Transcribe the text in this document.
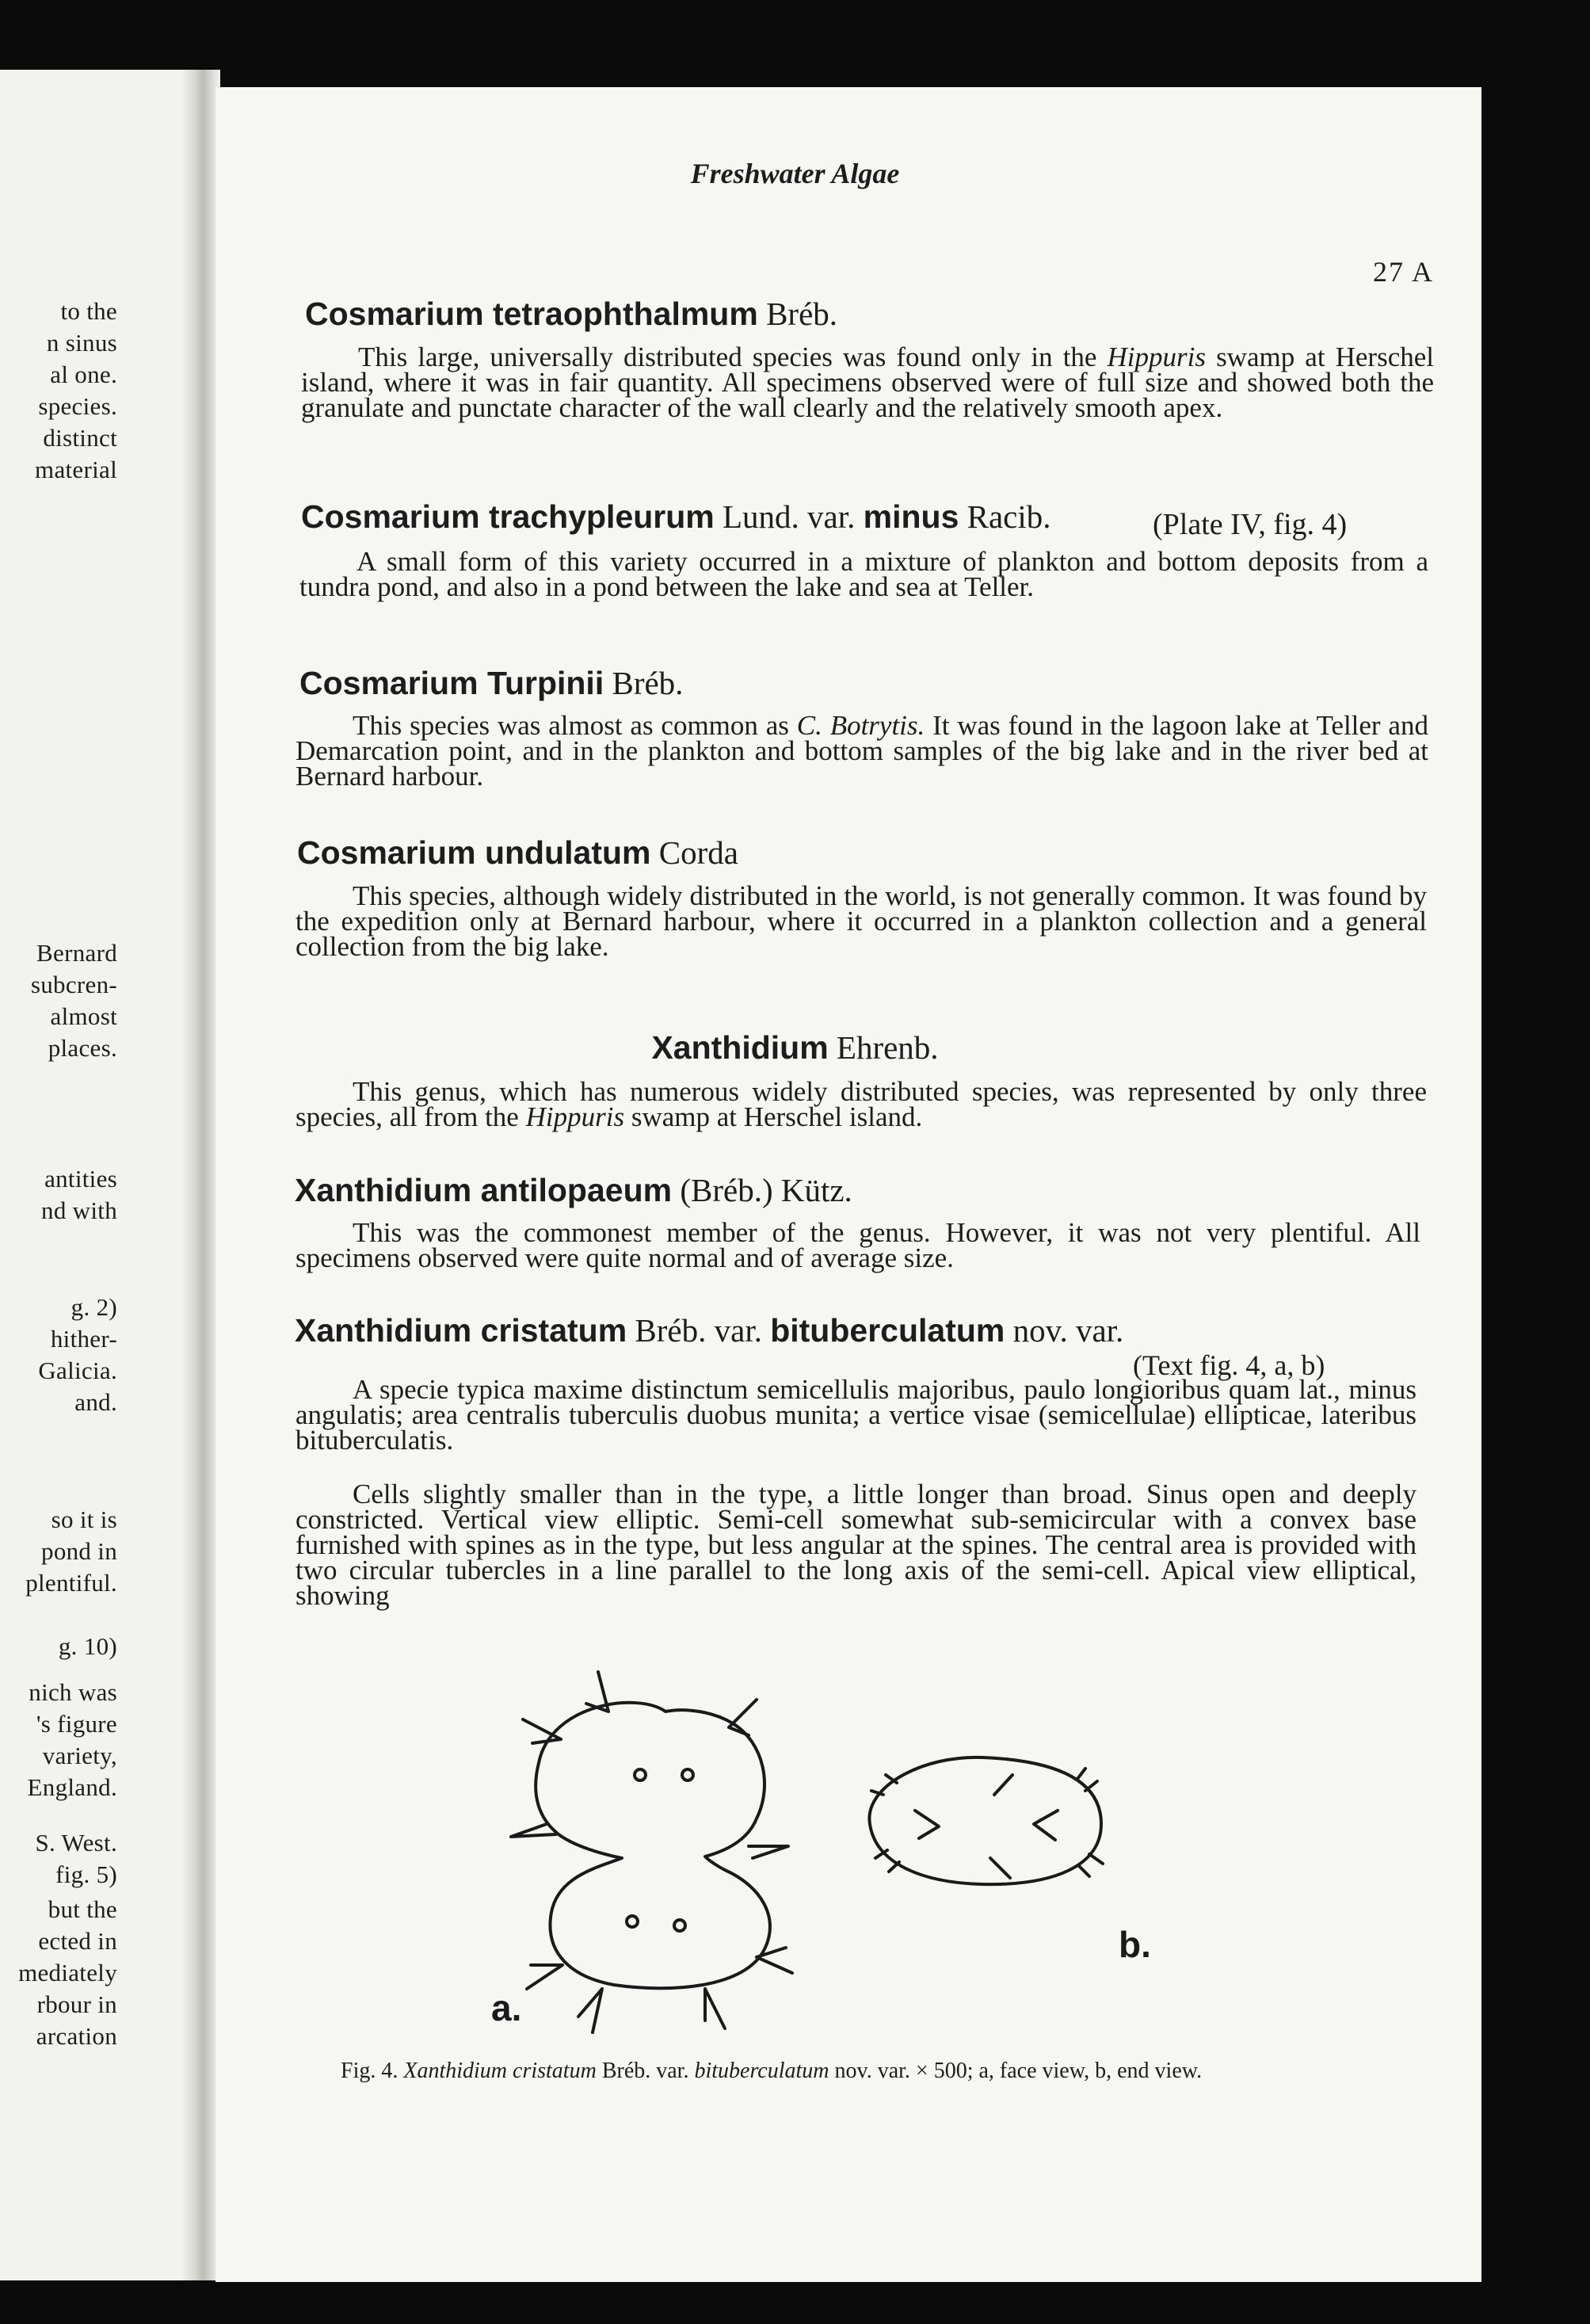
to the
n sinus
al one.
species.
distinct
material
Bernard
subcren-
almost
places.
antities
nd with
g. 2)
hither-
Galicia.
and.
so it is
pond in
plentiful.
g. 10)
nich was
's figure
variety,
England.
S. West.
fig. 5)
but the
ected in
mediately
rbour in
arcation
Freshwater Algae
27 A
Cosmarium tetraophthalmum Bréb.
This large, universally distributed species was found only in the Hippuris swamp at Herschel island, where it was in fair quantity. All specimens observed were of full size and showed both the granulate and punctate character of the wall clearly and the relatively smooth apex.
Cosmarium trachypleurum Lund. var. minus Racib.	(Plate IV, fig. 4)
A small form of this variety occurred in a mixture of plankton and bottom deposits from a tundra pond, and also in a pond between the lake and sea at Teller.
Cosmarium Turpinii Bréb.
This species was almost as common as C. Botrytis. It was found in the lagoon lake at Teller and Demarcation point, and in the plankton and bottom samples of the big lake and in the river bed at Bernard harbour.
Cosmarium undulatum Corda
This species, although widely distributed in the world, is not generally common. It was found by the expedition only at Bernard harbour, where it occurred in a plankton collection and a general collection from the big lake.
Xanthidium Ehrenb.
This genus, which has numerous widely distributed species, was represented by only three species, all from the Hippuris swamp at Herschel island.
Xanthidium antilopaeum (Bréb.) Kütz.
This was the commonest member of the genus. However, it was not very plentiful. All specimens observed were quite normal and of average size.
Xanthidium cristatum Bréb. var. bituberculatum nov. var.
(Text fig. 4, a, b)
A specie typica maxime distinctum semicellulis majoribus, paulo longioribus quam lat., minus angulatis; area centralis tuberculis duobus munita; a vertice visae (semicellulae) ellipticae, lateribus bituberculatis.
Cells slightly smaller than in the type, a little longer than broad. Sinus open and deeply constricted. Vertical view elliptic. Semi-cell somewhat sub-semicircular with a convex base furnished with spines as in the type, but less angular at the spines. The central area is provided with two circular tubercles in a line parallel to the long axis of the semi-cell. Apical view elliptical, showing
a.
b.
Fig. 4. Xanthidium cristatum Bréb. var. bituberculatum nov. var. × 500; a, face view, b, end view.
